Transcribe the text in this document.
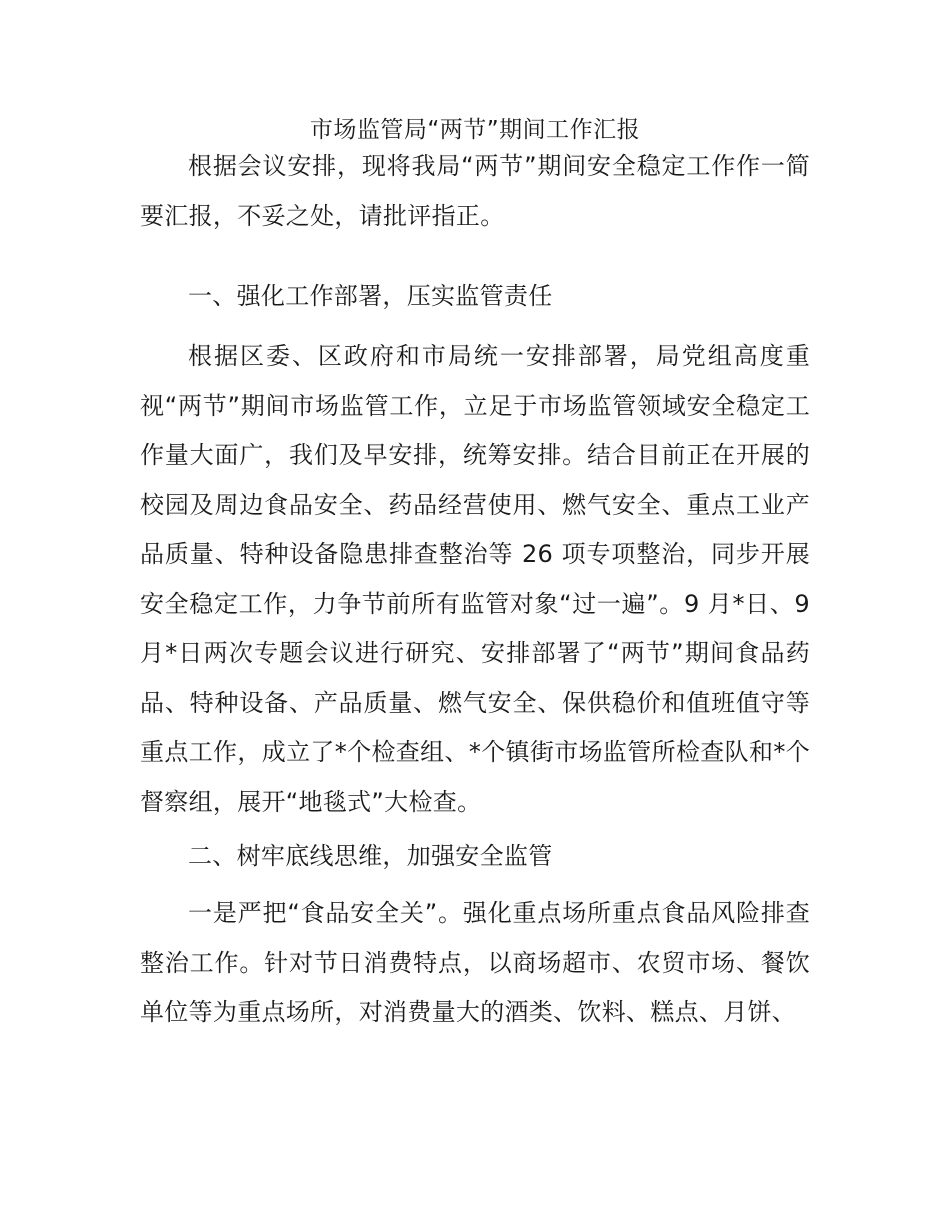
市场监管局“两节”期间工作汇报

根据会议安排，现将我局“两节”期间安全稳定工作作一简要汇报，不妥之处，请批评指正。

一、强化工作部署，压实监管责任

根据区委、区政府和市局统一安排部署，局党组高度重视“两节”期间市场监管工作，立足于市场监管领域安全稳定工作量大面广，我们及早安排，统筹安排。结合目前正在开展的校园及周边食品安全、药品经营使用、燃气安全、重点工业产品质量、特种设备隐患排查整治等 26 项专项整治，同步开展安全稳定工作，力争节前所有监管对象“过一遍”。9 月*日、9 月*日两次专题会议进行研究、安排部署了“两节”期间食品药品、特种设备、产品质量、燃气安全、保供稳价和值班值守等重点工作，成立了*个检查组、*个镇街市场监管所检查队和*个督察组，展开“地毯式”大检查。

二、树牢底线思维，加强安全监管

一是严把“食品安全关”。强化重点场所重点食品风险排查整治工作。针对节日消费特点，以商场超市、农贸市场、餐饮单位等为重点场所，对消费量大的酒类、饮料、糕点、月饼、
